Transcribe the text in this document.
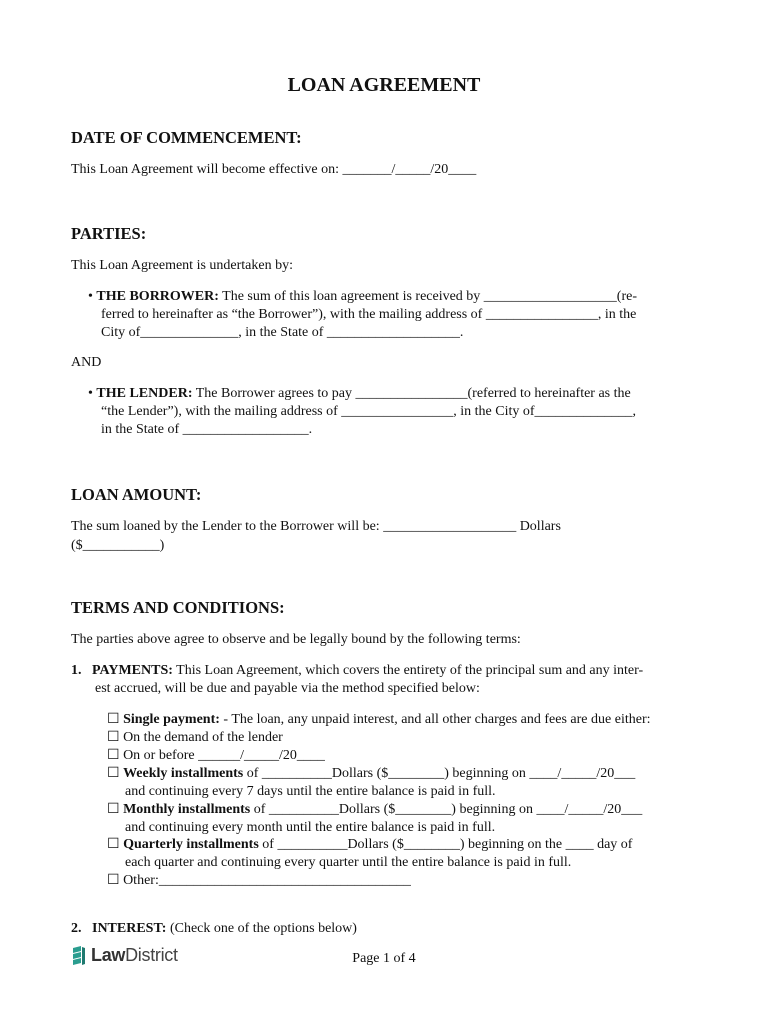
LOAN AGREEMENT
DATE OF COMMENCEMENT:
This Loan Agreement will become effective on: _______/_____/20____
PARTIES:
This Loan Agreement is undertaken by:
• THE BORROWER: The sum of this loan agreement is received by ___________________(re-
ferred to hereinafter as “the Borrower”), with the mailing address of ________________, in the
City of______________, in the State of ___________________.
AND
• THE LENDER: The Borrower agrees to pay ________________(referred to hereinafter as the
“the Lender”), with the mailing address of ________________, in the City of______________,
in the State of __________________.
LOAN AMOUNT:
The sum loaned by the Lender to the Borrower will be: ___________________ Dollars
($___________)
TERMS AND CONDITIONS:
The parties above agree to observe and be legally bound by the following terms:
1. PAYMENTS: This Loan Agreement, which covers the entirety of the principal sum and any inter-
est accrued, will be due and payable via the method specified below:
☐ Single payment: - The loan, any unpaid interest, and all other charges and fees are due either:
☐ On the demand of the lender
☐ On or before ______/_____/20____
☐ Weekly installments of __________Dollars ($________) beginning on ____/_____/20___
and continuing every 7 days until the entire balance is paid in full.
☐ Monthly installments of __________Dollars ($________) beginning on ____/_____/20___
and continuing every month until the entire balance is paid in full.
☐ Quarterly installments of __________Dollars ($________) beginning on the ____ day of
each quarter and continuing every quarter until the entire balance is paid in full.
☐ Other:____________________________________
2. INTEREST: (Check one of the options below)
LawDistrict	Page 1 of 4
